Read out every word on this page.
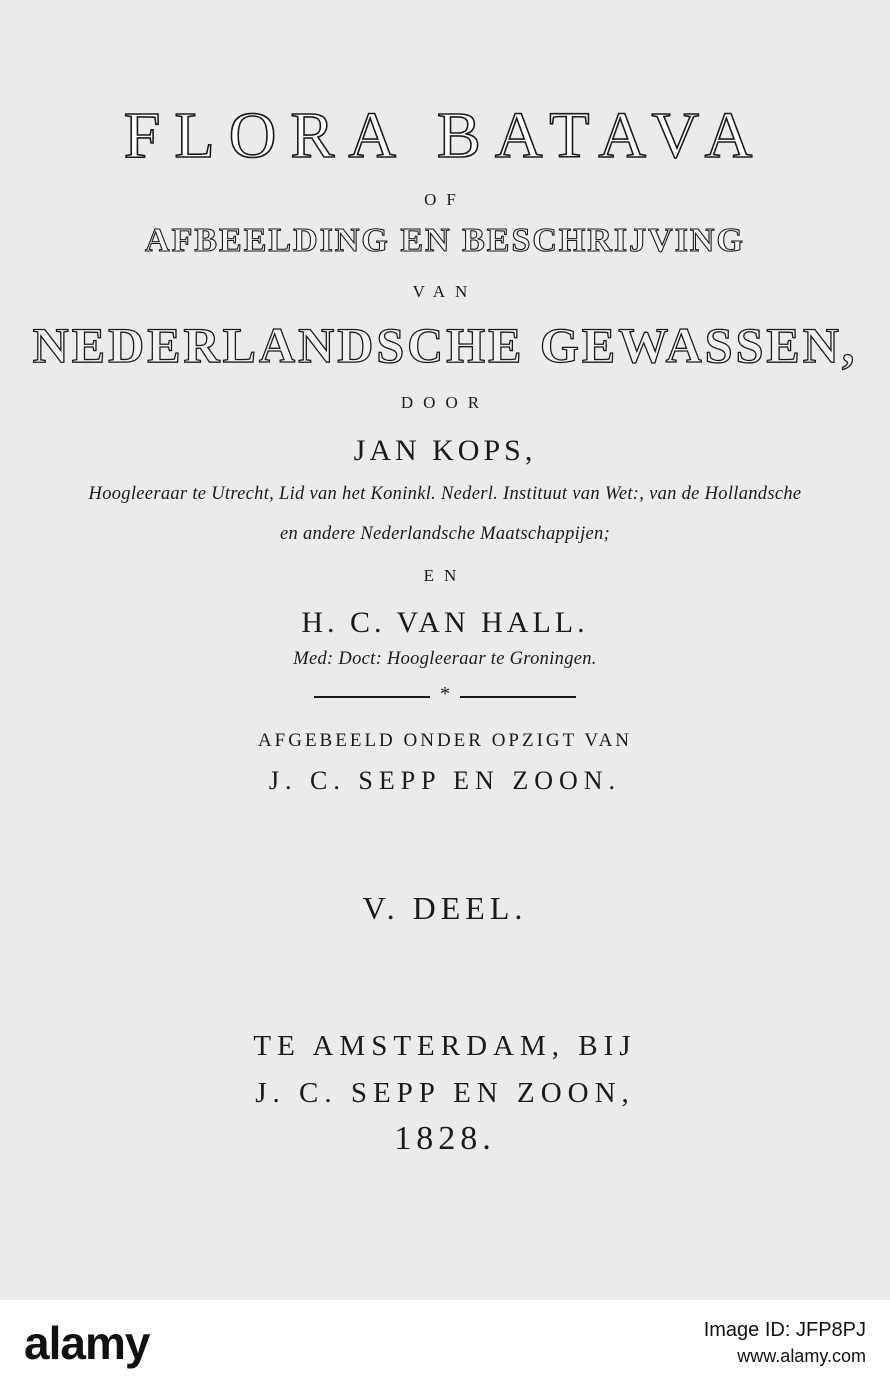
FLORA BATAVA
OF
AFBEELDING EN BESCHRIJVING
VAN
NEDERLANDSCHE GEWASSEN,
DOOR
JAN KOPS,
Hoogleeraar te Utrecht, Lid van het Koninkl. Nederl. Instituut van Wet:, van de Hollandsche
en andere Nederlandsche Maatschappijen;
EN
H. C. VAN HALL.
Med: Doct: Hoogleeraar te Groningen.
*
AFGEBEELD ONDER OPZIGT VAN
J. C. SEPP EN ZOON.
V. DEEL.
TE AMSTERDAM, BIJ
J. C. SEPP EN ZOON,
1828.
alamy	Image ID: JFP8PJ
www.alamy.com
